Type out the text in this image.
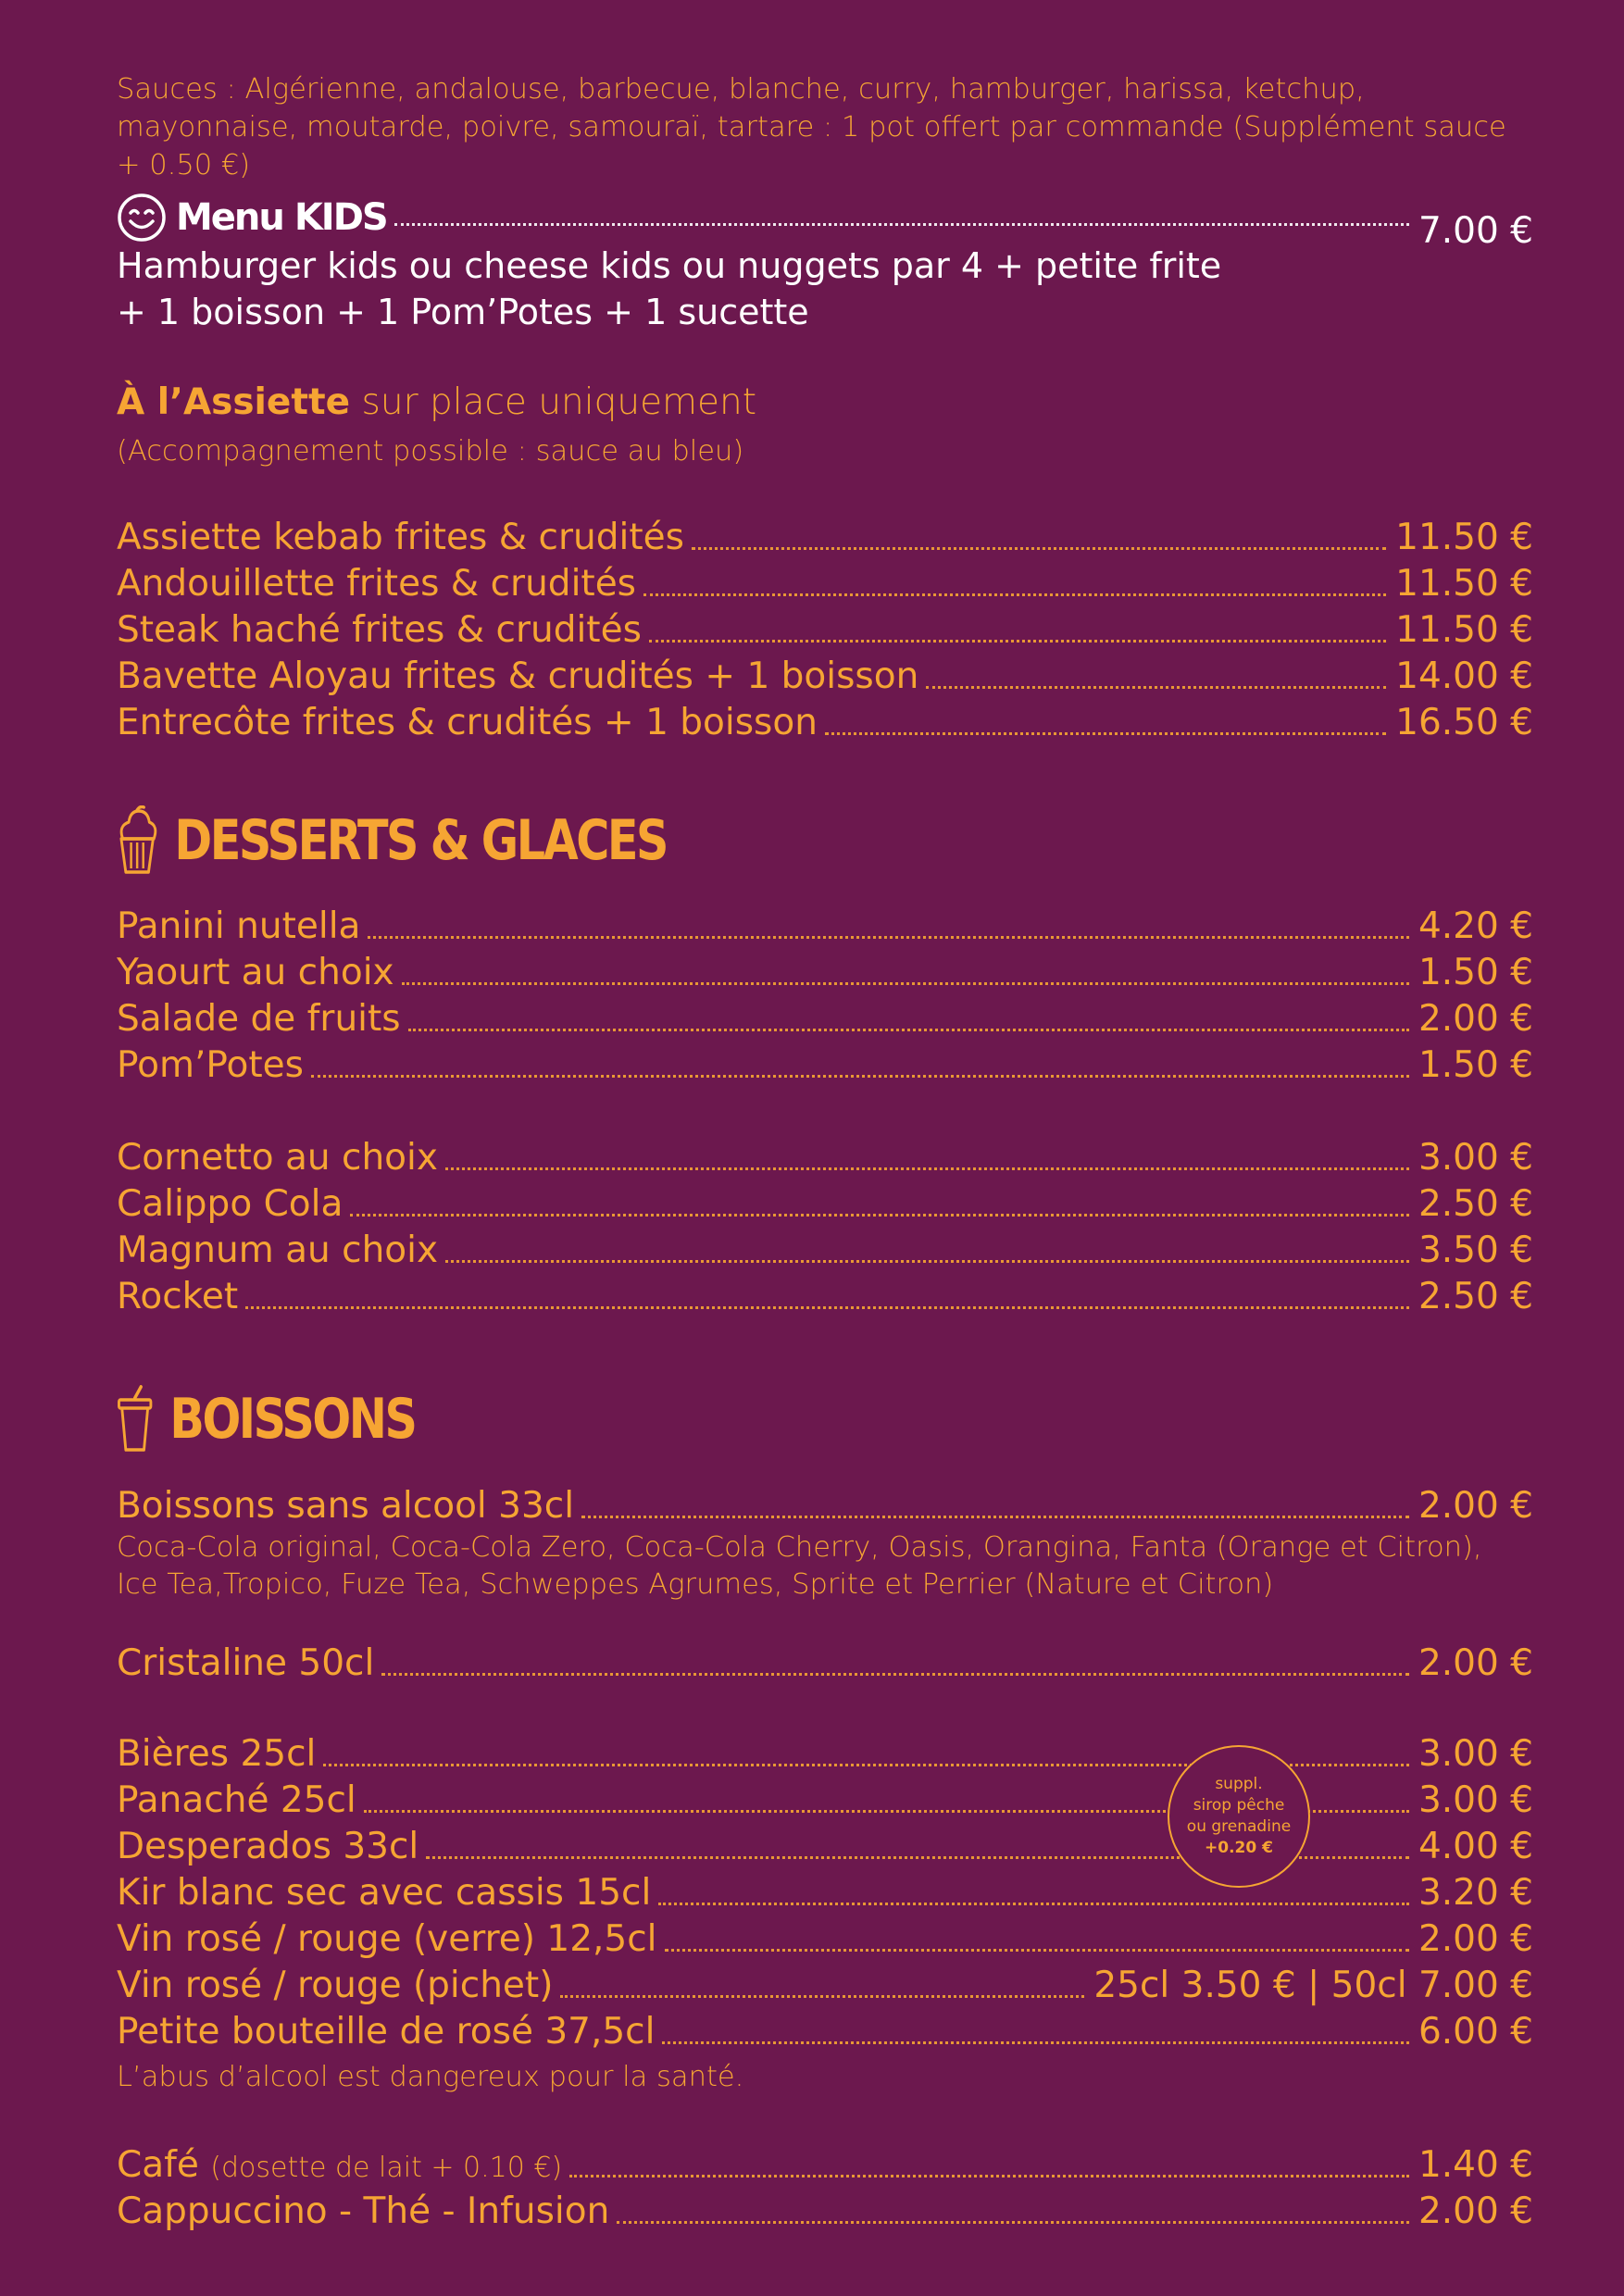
Sauces : Algérienne, andalouse, barbecue, blanche, curry, hamburger, harissa, ketchup, mayonnaise, moutarde, poivre, samouraï, tartare : 1 pot offert par commande (Supplément sauce + 0.50 €)
Menu KIDS	7.00 €
Hamburger kids ou cheese kids ou nuggets par 4 + petite frite
+ 1 boisson + 1 Pom’Potes + 1 sucette
À l’Assiette sur place uniquement
(Accompagnement possible : sauce au bleu)
Assiette kebab frites & crudités	11.50 €
Andouillette frites & crudités	11.50 €
Steak haché frites & crudités	11.50 €
Bavette Aloyau frites & crudités + 1 boisson	14.00 €
Entrecôte frites & crudités + 1 boisson	16.50 €
DESSERTS & GLACES
Panini nutella	4.20 €
Yaourt au choix	1.50 €
Salade de fruits	2.00 €
Pom’Potes	1.50 €
Cornetto au choix	3.00 €
Calippo Cola	2.50 €
Magnum au choix	3.50 €
Rocket	2.50 €
BOISSONS
Boissons sans alcool 33cl	2.00 €
Coca-Cola original, Coca-Cola Zero, Coca-Cola Cherry, Oasis, Orangina, Fanta (Orange et Citron), Ice Tea,Tropico, Fuze Tea, Schweppes Agrumes, Sprite et Perrier (Nature et Citron)
Cristaline 50cl	2.00 €
Bières 25cl	3.00 €
Panaché 25cl	3.00 €
Desperados 33cl	4.00 €
Kir blanc sec avec cassis 15cl	3.20 €
Vin rosé / rouge (verre) 12,5cl	2.00 €
Vin rosé / rouge (pichet)	25cl 3.50 € | 50cl 7.00 €
Petite bouteille de rosé 37,5cl	6.00 €
L’abus d’alcool est dangereux pour la santé.
Café (dosette de lait + 0.10 €)	1.40 €
Cappuccino - Thé - Infusion	2.00 €
suppl.
sirop pêche
ou grenadine
+0.20 €
